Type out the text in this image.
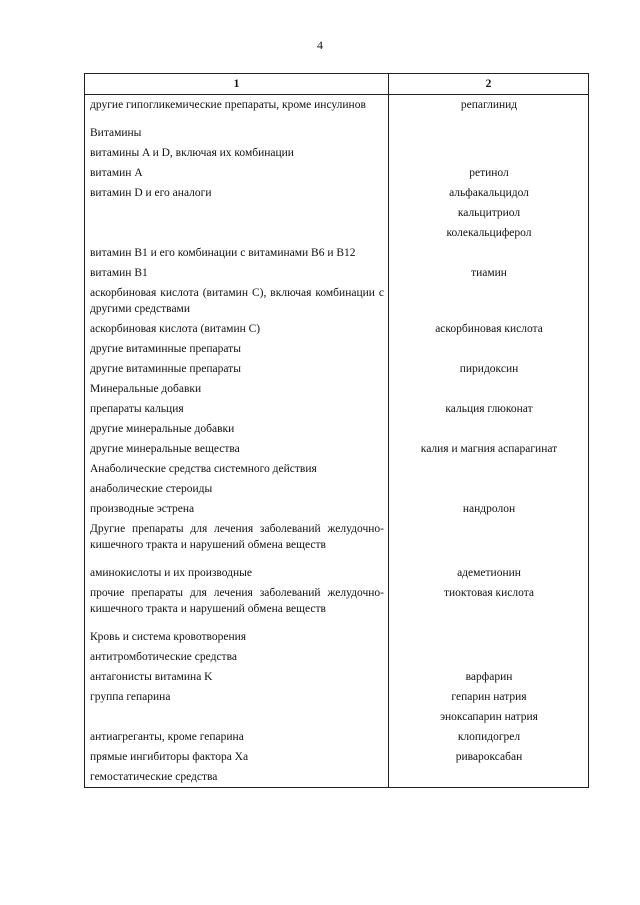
4
1	2
другие гипогликемические препараты, кроме инсулинов	репаглинид
Витамины	
витамины A и D, включая их комбинации	
витамин A	ретинол
витамин D и его аналоги	альфакальцидол
	кальцитриол
	колекальциферол
витамин B1 и его комбинации с витаминами B6 и B12	
витамин B1	тиамин
аскорбиновая кислота (витамин C), включая комбинации с другими средствами	
аскорбиновая кислота (витамин C)	аскорбиновая кислота
другие витаминные препараты	
другие витаминные препараты	пиридоксин
Минеральные добавки	
препараты кальция	кальция глюконат
другие минеральные добавки	
другие минеральные вещества	калия и магния аспарагинат
Анаболические средства системного действия	
анаболические стероиды	
производные эстрена	нандролон
Другие препараты для лечения заболеваний желудочно-кишечного тракта и нарушений обмена веществ	
аминокислоты и их производные	адеметионин
прочие препараты для лечения заболеваний желудочно-кишечного тракта и нарушений обмена веществ	тиоктовая кислота
Кровь и система кровотворения	
антитромботические средства	
антагонисты витамина K	варфарин
группа гепарина	гепарин натрия
	эноксапарин натрия
антиагреганты, кроме гепарина	клопидогрел
прямые ингибиторы фактора Xa	ривароксабан
гемостатические средства	
